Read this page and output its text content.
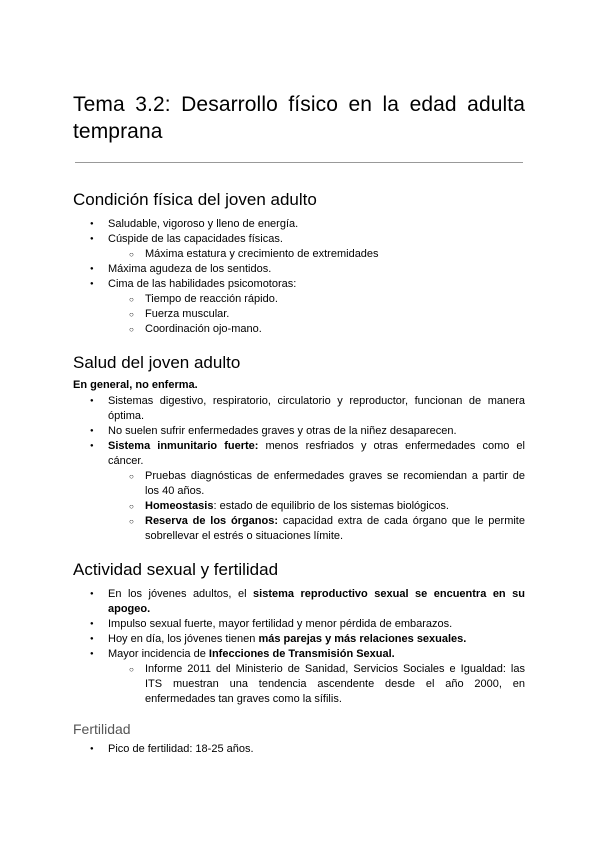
Tema 3.2: Desarrollo físico en la edad adulta
temprana
Condición física del joven adulto
● Saludable, vigoroso y lleno de energía.
● Cúspide de las capacidades físicas.
○ Máxima estatura y crecimiento de extremidades
● Máxima agudeza de los sentidos.
● Cima de las habilidades psicomotoras:
○ Tiempo de reacción rápido.
○ Fuerza muscular.
○ Coordinación ojo-mano.
Salud del joven adulto

En general, no enferma.

● Sistemas digestivo, respiratorio, circulatorio y reproductor, funcionan de manera óptima.
● No suelen sufrir enfermedades graves y otras de la niñez desaparecen.
● Sistema inmunitario fuerte: menos resfriados y otras enfermedades como el cáncer.
○ Pruebas diagnósticas de enfermedades graves se recomiendan a partir de los 40 años.
○ Homeostasis: estado de equilibrio de los sistemas biológicos.
○ Reserva de los órganos: capacidad extra de cada órgano que le permite sobrellevar el estrés o situaciones límite.
Actividad sexual y fertilidad
● En los jóvenes adultos, el sistema reproductivo sexual se encuentra en su apogeo.
● Impulso sexual fuerte, mayor fertilidad y menor pérdida de embarazos.
● Hoy en día, los jóvenes tienen más parejas y más relaciones sexuales.
● Mayor incidencia de Infecciones de Transmisión Sexual.
○ Informe 2011 del Ministerio de Sanidad, Servicios Sociales e Igualdad: las ITS muestran una tendencia ascendente desde el año 2000, en enfermedades tan graves como la sífilis.
Fertilidad
● Pico de fertilidad: 18-25 años.
